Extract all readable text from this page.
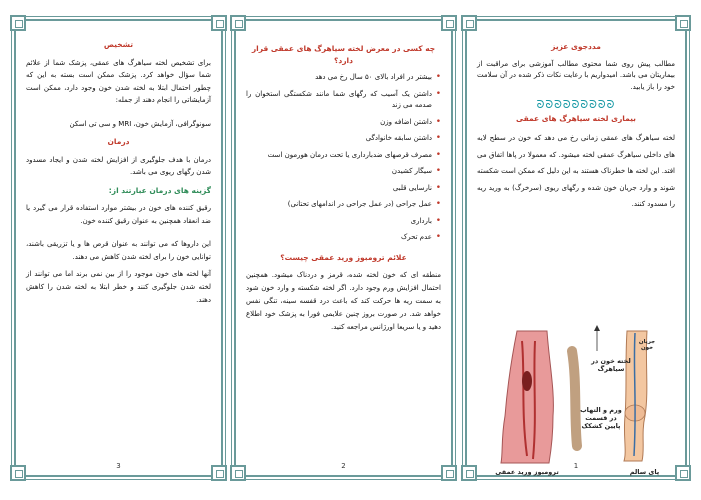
مددجوی عزیز
مطالب پیش روی شما محتوی مطالب آموزشی برای مراقبت از بیماریتان می باشد. امیدواریم با رعایت نکات ذکر شده در آن سلامت خود را باز یابید.
ᘐᘐᘐᘐᘐᘐᘐᘐᘐ
بیماری لخته سیاهرگ های عمقی
لخته سیاهرگ های عمقی زمانی رخ می دهد که خون در سطح لایه های داخلی سیاهرگ عمقی لخته میشود. که معمولا در پاها اتفاق می افتد. این لخته ها خطرناک هستند به این دلیل که ممکن است شکسته شوند و وارد جریان خون شده و رگهای ریوی (سرخرگ) به ورید ریه را مسدود کنند.
لخته خون در سیاهرگ
ورم و التهاب در قسمت پایین کشکک
جریان خون
پای سالم
ترومبوز ورید عمقی
1
چه کسی در معرض لخته سیاهرگ های عمقی قرار دارد؟
• بیشتر در افراد بالای ۵۰ سال رخ می دهد
• داشتن یک آسیب که رگهای شما مانند شکستگی استخوان را صدمه می زند
• داشتن اضافه وزن
• داشتن سابقه خانوادگی
• مصرف قرصهای ضدبارداری یا تحت درمان هورمون است
• سیگار کشیدن
• نارسایی قلبی
• عمل جراحی (در عمل جراحی در اندامهای تحتانی)
• بارداری
• عدم تحرک
علائم ترومبوز ورید عمقی چیست؟
منطقه ای که خون لخته شده، قرمز و دردناک میشود. همچنین احتمال افزایش ورم وجود دارد. اگر لخته شکسته و وارد خون شود به سمت ریه ها حرکت کند که باعث درد قفسه سینه، تنگی نفس خواهد شد. در صورت بروز چنین علایمی فورا به پزشک خود اطلاع دهید و یا سریعا اورژانس مراجعه کنید.
2
تشخیص
برای تشخیص لخته سیاهرگ های عمقی، پزشک شما از علائم شما سؤال خواهد کرد. پزشک ممکن است بسته به این که چطور احتمال ابتلا به لخته شدن خون وجود دارد، ممکن است آزمایشاتی را انجام دهند از جمله:
سونوگرافی، آزمایش خون، MRI و سی تی اسکن
درمان
درمان با هدف جلوگیری از افزایش لخته شدن و ایجاد مسدود شدن رگهای ریوی می باشد.
گزینه های درمان عبارتند از:
رقیق کننده های خون در بیشتر موارد استفاده قرار می گیرد یا ضد انعقاد همچنین به عنوان رقیق کننده خون.
این داروها که می توانند به عنوان قرص ها و یا تزریقی باشند، توانایی خون را برای لخته شدن کاهش می دهند.
آنها لخته های خون موجود را از بین نمی برند اما می توانند از لخته شدن جلوگیری کنند و خطر ابتلا به لخته شدن را کاهش دهند.
3
